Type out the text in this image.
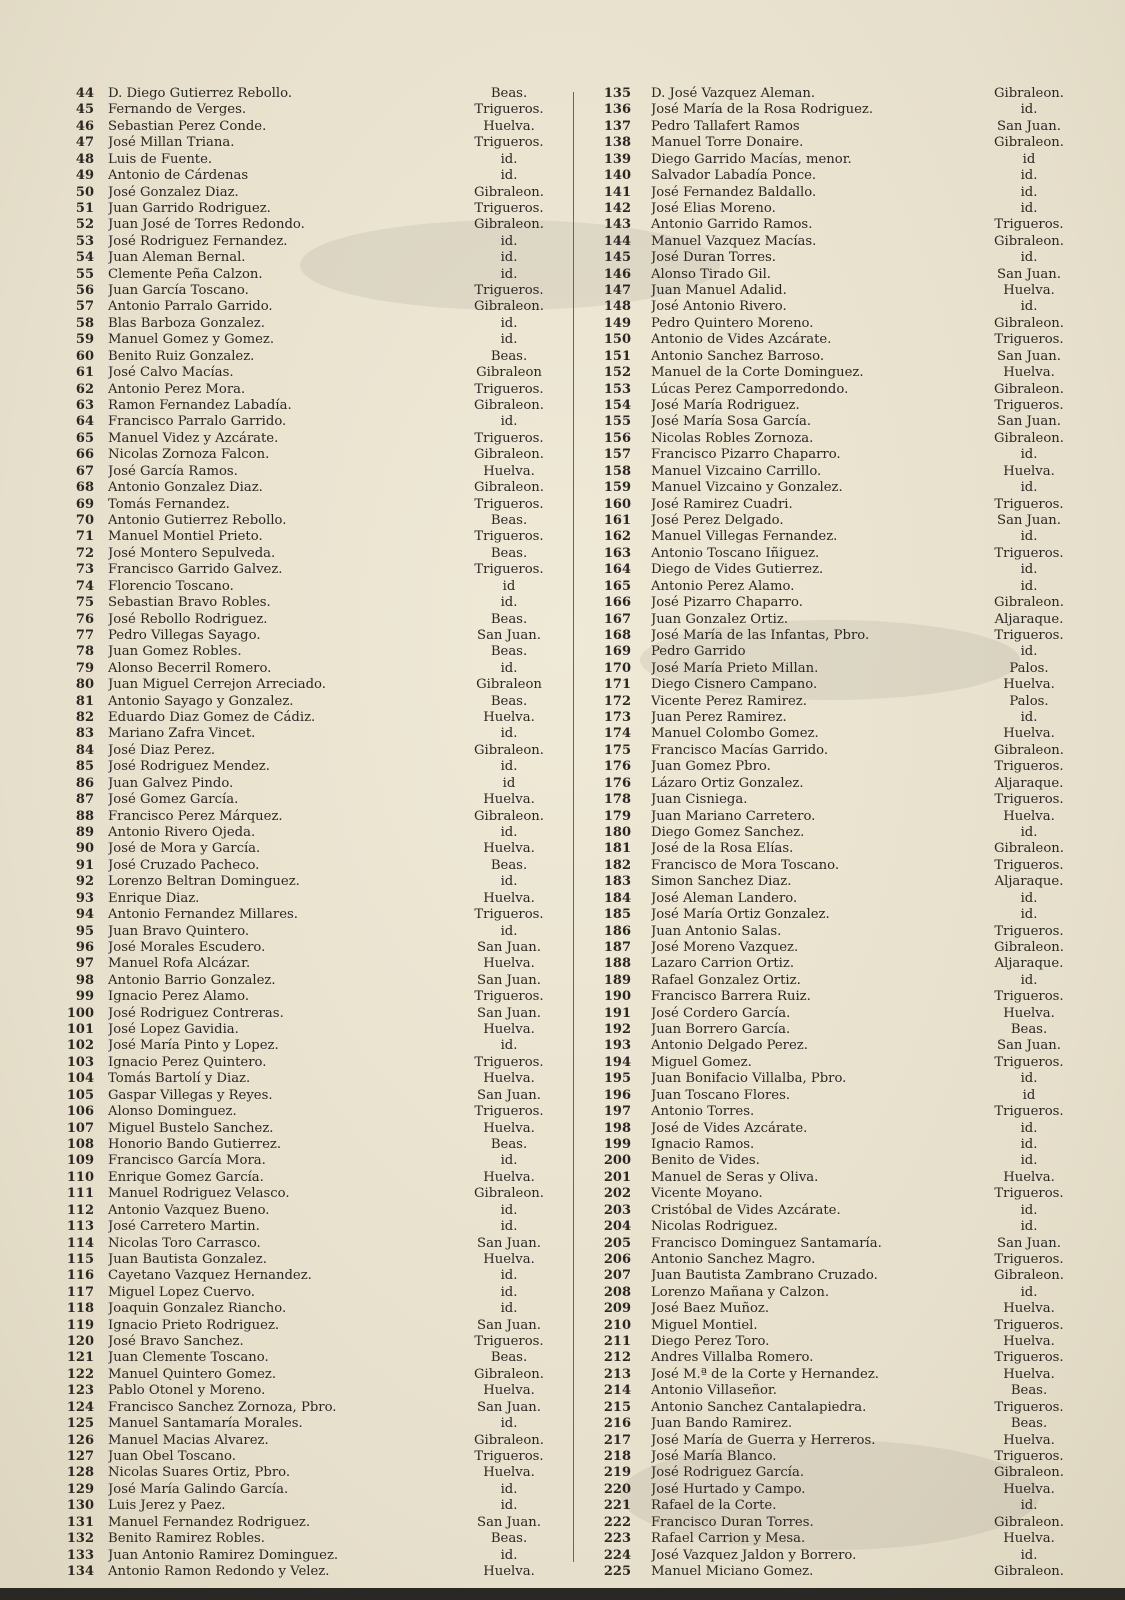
44	D. Diego Gutierrez Rebollo.	Beas.
45	Fernando de Verges.	Trigueros.
46	Sebastian Perez Conde.	Huelva.
47	José Millan Triana.	Trigueros.
48	Luis de Fuente.	id.
49	Antonio de Cárdenas	id.
50	José Gonzalez Diaz.	Gibraleon.
51	Juan Garrido Rodriguez.	Trigueros.
52	Juan José de Torres Redondo.	Gibraleon.
53	José Rodriguez Fernandez.	id.
54	Juan Aleman Bernal.	id.
55	Clemente Peña Calzon.	id.
56	Juan García Toscano.	Trigueros.
57	Antonio Parralo Garrido.	Gibraleon.
58	Blas Barboza Gonzalez.	id.
59	Manuel Gomez y Gomez.	id.
60	Benito Ruiz Gonzalez.	Beas.
61	José Calvo Macías.	Gibraleon
62	Antonio Perez Mora.	Trigueros.
63	Ramon Fernandez Labadía.	Gibraleon.
64	Francisco Parralo Garrido.	id.
65	Manuel Videz y Azcárate.	Trigueros.
66	Nicolas Zornoza Falcon.	Gibraleon.
67	José García Ramos.	Huelva.
68	Antonio Gonzalez Diaz.	Gibraleon.
69	Tomás Fernandez.	Trigueros.
70	Antonio Gutierrez Rebollo.	Beas.
71	Manuel Montiel Prieto.	Trigueros.
72	José Montero Sepulveda.	Beas.
73	Francisco Garrido Galvez.	Trigueros.
74	Florencio Toscano.	id
75	Sebastian Bravo Robles.	id.
76	José Rebollo Rodriguez.	Beas.
77	Pedro Villegas Sayago.	San Juan.
78	Juan Gomez Robles.	Beas.
79	Alonso Becerril Romero.	id.
80	Juan Miguel Cerrejon Arreciado.	Gibraleon
81	Antonio Sayago y Gonzalez.	Beas.
82	Eduardo Diaz Gomez de Cádiz.	Huelva.
83	Mariano Zafra Vincet.	id.
84	José Diaz Perez.	Gibraleon.
85	José Rodriguez Mendez.	id.
86	Juan Galvez Pindo.	id
87	José Gomez García.	Huelva.
88	Francisco Perez Márquez.	Gibraleon.
89	Antonio Rivero Ojeda.	id.
90	José de Mora y García.	Huelva.
91	José Cruzado Pacheco.	Beas.
92	Lorenzo Beltran Dominguez.	id.
93	Enrique Diaz.	Huelva.
94	Antonio Fernandez Millares.	Trigueros.
95	Juan Bravo Quintero.	id.
96	José Morales Escudero.	San Juan.
97	Manuel Rofa Alcázar.	Huelva.
98	Antonio Barrio Gonzalez.	San Juan.
99	Ignacio Perez Alamo.	Trigueros.
100	José Rodriguez Contreras.	San Juan.
101	José Lopez Gavidia.	Huelva.
102	José María Pinto y Lopez.	id.
103	Ignacio Perez Quintero.	Trigueros.
104	Tomás Bartolí y Diaz.	Huelva.
105	Gaspar Villegas y Reyes.	San Juan.
106	Alonso Dominguez.	Trigueros.
107	Miguel Bustelo Sanchez.	Huelva.
108	Honorio Bando Gutierrez.	Beas.
109	Francisco García Mora.	id.
110	Enrique Gomez García.	Huelva.
111	Manuel Rodriguez Velasco.	Gibraleon.
112	Antonio Vazquez Bueno.	id.
113	José Carretero Martin.	id.
114	Nicolas Toro Carrasco.	San Juan.
115	Juan Bautista Gonzalez.	Huelva.
116	Cayetano Vazquez Hernandez.	id.
117	Miguel Lopez Cuervo.	id.
118	Joaquin Gonzalez Riancho.	id.
119	Ignacio Prieto Rodriguez.	San Juan.
120	José Bravo Sanchez.	Trigueros.
121	Juan Clemente Toscano.	Beas.
122	Manuel Quintero Gomez.	Gibraleon.
123	Pablo Otonel y Moreno.	Huelva.
124	Francisco Sanchez Zornoza, Pbro.	San Juan.
125	Manuel Santamaría Morales.	id.
126	Manuel Macias Alvarez.	Gibraleon.
127	Juan Obel Toscano.	Trigueros.
128	Nicolas Suares Ortiz, Pbro.	Huelva.
129	José María Galindo García.	id.
130	Luis Jerez y Paez.	id.
131	Manuel Fernandez Rodriguez.	San Juan.
132	Benito Ramirez Robles.	Beas.
133	Juan Antonio Ramirez Dominguez.	id.
134	Antonio Ramon Redondo y Velez.	Huelva.
135	D. José Vazquez Aleman.	Gibraleon.
136	José María de la Rosa Rodriguez.	id.
137	Pedro Tallafert Ramos	San Juan.
138	Manuel Torre Donaire.	Gibraleon.
139	Diego Garrido Macías, menor.	id
140	Salvador Labadía Ponce.	id.
141	José Fernandez Baldallo.	id.
142	José Elias Moreno.	id.
143	Antonio Garrido Ramos.	Trigueros.
144	Manuel Vazquez Macías.	Gibraleon.
145	José Duran Torres.	id.
146	Alonso Tirado Gil.	San Juan.
147	Juan Manuel Adalid.	Huelva.
148	José Antonio Rivero.	id.
149	Pedro Quintero Moreno.	Gibraleon.
150	Antonio de Vides Azcárate.	Trigueros.
151	Antonio Sanchez Barroso.	San Juan.
152	Manuel de la Corte Dominguez.	Huelva.
153	Lúcas Perez Camporredondo.	Gibraleon.
154	José María Rodriguez.	Trigueros.
155	José María Sosa García.	San Juan.
156	Nicolas Robles Zornoza.	Gibraleon.
157	Francisco Pizarro Chaparro.	id.
158	Manuel Vizcaino Carrillo.	Huelva.
159	Manuel Vizcaino y Gonzalez.	id.
160	José Ramirez Cuadri.	Trigueros.
161	José Perez Delgado.	San Juan.
162	Manuel Villegas Fernandez.	id.
163	Antonio Toscano Iñiguez.	Trigueros.
164	Diego de Vides Gutierrez.	id.
165	Antonio Perez Alamo.	id.
166	José Pizarro Chaparro.	Gibraleon.
167	Juan Gonzalez Ortiz.	Aljaraque.
168	José María de las Infantas, Pbro.	Trigueros.
169	Pedro Garrido	id.
170	José María Prieto Millan.	Palos.
171	Diego Cisnero Campano.	Huelva.
172	Vicente Perez Ramirez.	Palos.
173	Juan Perez Ramirez.	id.
174	Manuel Colombo Gomez.	Huelva.
175	Francisco Macías Garrido.	Gibraleon.
176	Juan Gomez Pbro.	Trigueros.
176	Lázaro Ortiz Gonzalez.	Aljaraque.
178	Juan Cisniega.	Trigueros.
179	Juan Mariano Carretero.	Huelva.
180	Diego Gomez Sanchez.	id.
181	José de la Rosa Elías.	Gibraleon.
182	Francisco de Mora Toscano.	Trigueros.
183	Simon Sanchez Diaz.	Aljaraque.
184	José Aleman Landero.	id.
185	José María Ortiz Gonzalez.	id.
186	Juan Antonio Salas.	Trigueros.
187	José Moreno Vazquez.	Gibraleon.
188	Lazaro Carrion Ortiz.	Aljaraque.
189	Rafael Gonzalez Ortiz.	id.
190	Francisco Barrera Ruiz.	Trigueros.
191	José Cordero García.	Huelva.
192	Juan Borrero García.	Beas.
193	Antonio Delgado Perez.	San Juan.
194	Miguel Gomez.	Trigueros.
195	Juan Bonifacio Villalba, Pbro.	id.
196	Juan Toscano Flores.	id
197	Antonio Torres.	Trigueros.
198	José de Vides Azcárate.	id.
199	Ignacio Ramos.	id.
200	Benito de Vides.	id.
201	Manuel de Seras y Oliva.	Huelva.
202	Vicente Moyano.	Trigueros.
203	Cristóbal de Vides Azcárate.	id.
204	Nicolas Rodriguez.	id.
205	Francisco Dominguez Santamaría.	San Juan.
206	Antonio Sanchez Magro.	Trigueros.
207	Juan Bautista Zambrano Cruzado.	Gibraleon.
208	Lorenzo Mañana y Calzon.	id.
209	José Baez Muñoz.	Huelva.
210	Miguel Montiel.	Trigueros.
211	Diego Perez Toro.	Huelva.
212	Andres Villalba Romero.	Trigueros.
213	José M.ª de la Corte y Hernandez.	Huelva.
214	Antonio Villaseñor.	Beas.
215	Antonio Sanchez Cantalapiedra.	Trigueros.
216	Juan Bando Ramirez.	Beas.
217	José María de Guerra y Herreros.	Huelva.
218	José María Blanco.	Trigueros.
219	José Rodriguez García.	Gibraleon.
220	José Hurtado y Campo.	Huelva.
221	Rafael de la Corte.	id.
222	Francisco Duran Torres.	Gibraleon.
223	Rafael Carrion y Mesa.	Huelva.
224	José Vazquez Jaldon y Borrero.	id.
225	Manuel Miciano Gomez.	Gibraleon.
